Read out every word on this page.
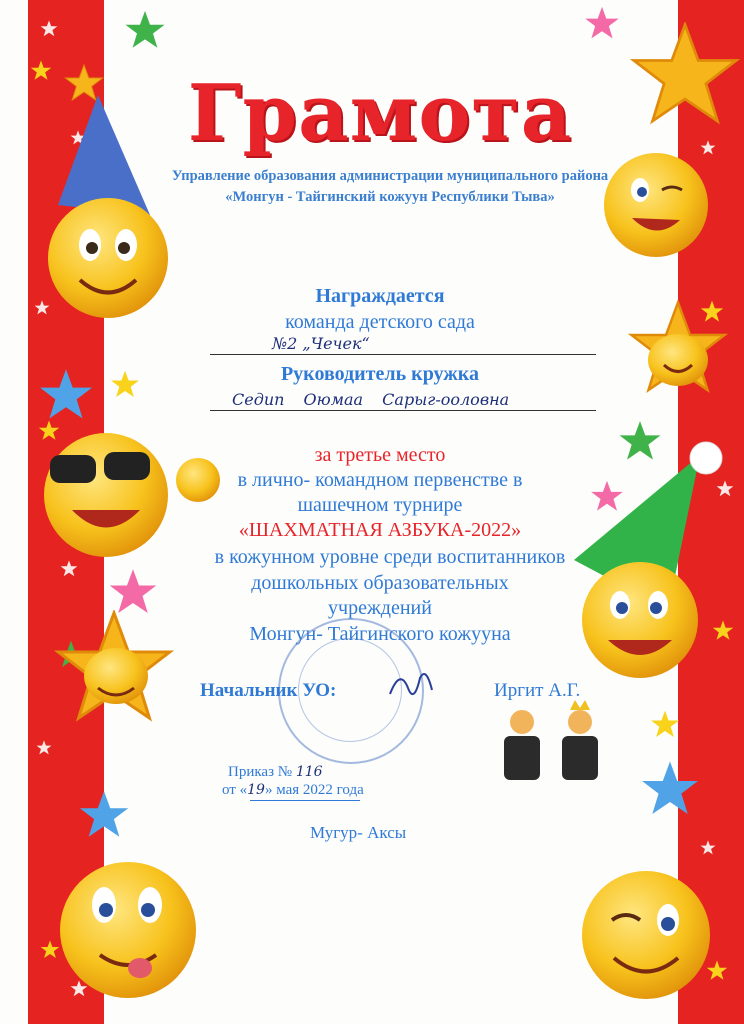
Грамота
Управление образования администрации муниципального района
«Монгун - Тайгинский кожуун Республики Тыва»
Награждается
команда детского сада
№2 „Чечек“
Руководитель кружка
Седип Оюмаа Сарыг-ооловна
за третье место
в лично- командном первенстве в
шашечном турнире
«ШАХМАТНАЯ АЗБУКА-2022»
в кожунном уровне среди воспитанников
дошкольных образовательных
учреждений
Монгун- Тайгинского кожууна
Начальник УО:	Иргит А.Г.
Приказ № 116
от «19» мая 2022 года
Мугур- Аксы
